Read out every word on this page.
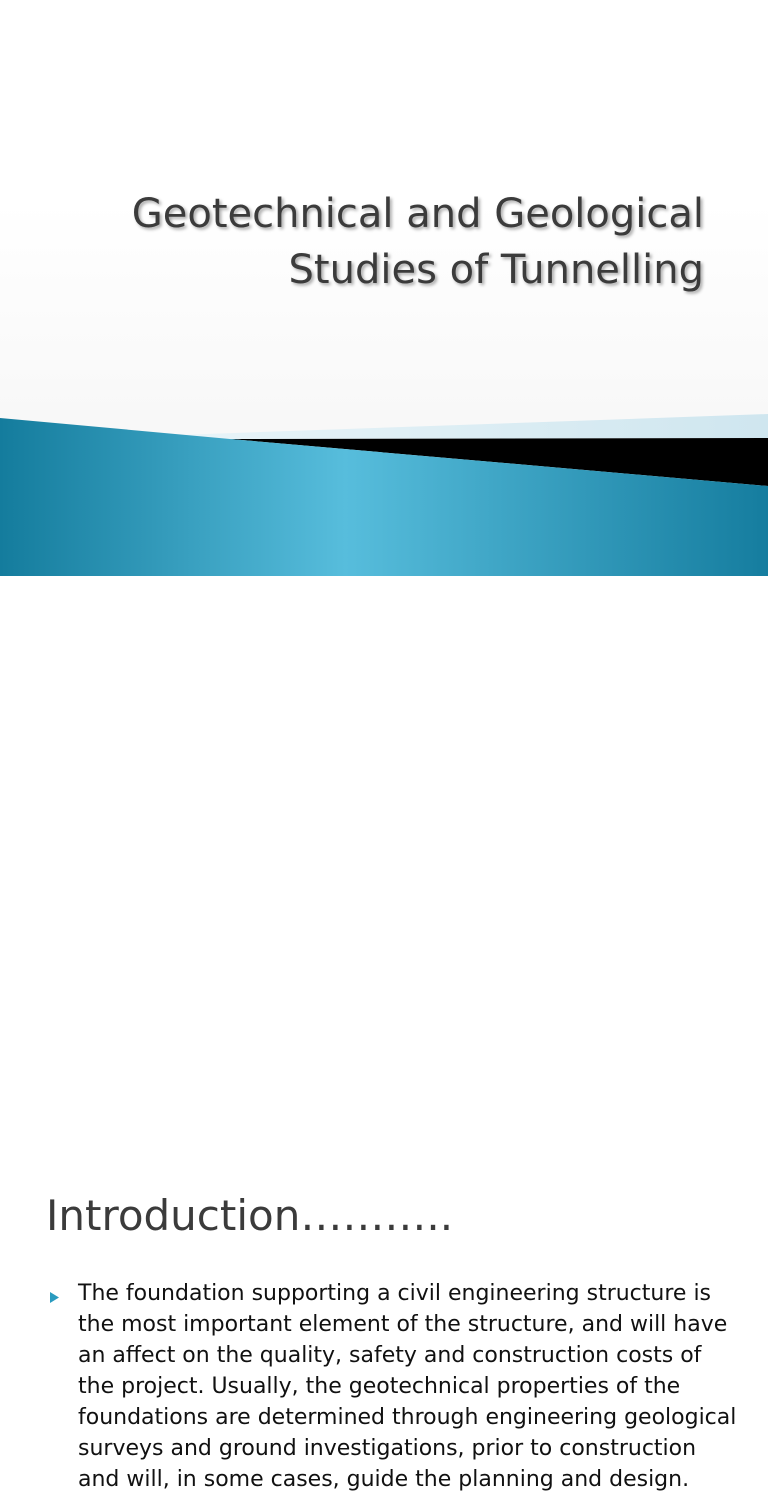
Geotechnical and Geological
Studies of Tunnelling
Introduction………..
The foundation supporting a civil engineering structure is the most important element of the structure, and will have an affect on the quality, safety and construction costs of the project. Usually, the geotechnical properties of the foundations are determined through engineering geological surveys and ground investigations, prior to construction and will, in some cases, guide the planning and design.
